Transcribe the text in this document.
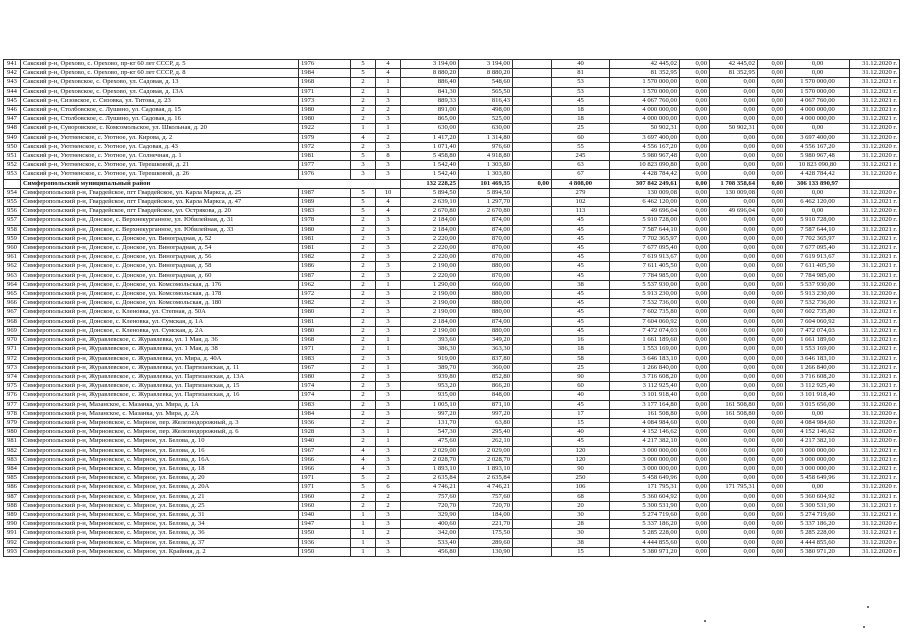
941	Сакский р-н, Орехово, с. Орехово, пр-кт 60 лет СССР, д. 5	1976	5	4	3 194,00	3 194,00		40	42 445,02	0,00	42 445,02	0,00	0,00	31.12.2020 г.
942	Сакский р-н, Орехово, с. Орехово, пр-кт 60 лет СССР, д. 8	1984	5	4	8 880,20	8 880,20		81	81 352,95	0,00	81 352,95	0,00	0,00	31.12.2020 г.
943	Сакский р-н, Ореховское, с. Орехово, ул. Садовая, д. 13	1968	2	1	886,40	548,60		53	1 570 000,00	0,00	0,00	0,00	1 570 000,00	31.12.2021 г.
944	Сакский р-н, Ореховское, с. Орехово, ул. Садовая, д. 13А	1971	2	1	841,30	565,50		53	1 570 000,00	0,00	0,00	0,00	1 570 000,00	31.12.2021 г.
945	Сакский р-н, Сизовское, с. Сизовка, ул. Титова, д. 23	1973	2	3	889,33	816,43		45	4 067 760,00	0,00	0,00	0,00	4 067 760,00	31.12.2021 г.
946	Сакский р-н, Столбовское, с. Лушино, ул. Садовая, д. 15	1980	2	2	891,00	498,00		18	4 000 000,00	0,00	0,00	0,00	4 000 000,00	31.12.2021 г.
947	Сакский р-н, Столбовское, с. Лушино, ул. Садовая, д. 16	1980	2	3	865,00	525,00		18	4 000 000,00	0,00	0,00	0,00	4 000 000,00	31.12.2021 г.
948	Сакский р-н, Суворовское, с. Комсомольское, ул. Школьная, д. 20	1922	1	1	630,00	630,00		25	50 902,31	0,00	50 902,31	0,00	0,00	31.12.2020 г.
949	Сакский р-н, Уютненское, с. Уютное, ул. Кирова, д. 2	1979	4	2	1 417,20	1 314,80		60	3 697 400,00	0,00	0,00	0,00	3 697 400,00	31.12.2020 г.
950	Сакский р-н, Уютненское, с. Уютное, ул. Садовая, д. 43	1972	2	3	1 071,40	976,60		55	4 556 167,20	0,00	0,00	0,00	4 556 167,20	31.12.2020 г.
951	Сакский р-н, Уютненское, с. Уютное, ул. Солнечная, д. 1	1981	5	8	5 458,80	4 918,80		245	5 980 967,48	0,00	0,00	0,00	5 980 967,48	31.12.2020 г.
952	Сакский р-н, Уютненское, с. Уютное, ул. Терешковой, д. 21	1977	3	3	1 542,40	1 303,80		63	10 823 090,80	0,00	0,00	0,00	10 823 090,80	31.12.2021 г.
953	Сакский р-н, Уютненское, с. Уютное, ул. Терешковой, д. 26	1976	3	3	1 542,40	1 303,80		67	4 428 784,42	0,00	0,00	0,00	4 428 784,42	31.12.2020 г.
	Симферопольский муниципальный район				132 228,25	101 469,35	0,00	4 808,00	307 842 249,61	0,00	1 708 358,64	0,00	306 133 890,97	
954	Симферопольский р-н, Гвардейское, пгт Гвардейское, ул. Карла Маркса, д. 25	1987	5	10	5 894,50	5 894,50		279	130 009,08	0,00	130 009,08	0,00	0,00	31.12.2020 г.
955	Симферопольский р-н, Гвардейское, пгт Гвардейское, ул. Карла Маркса, д. 47	1989	5	4	2 639,10	1 297,70		102	6 462 120,00	0,00	0,00	0,00	6 462 120,00	31.12.2021 г.
956	Симферопольский р-н, Гвардейское, пгт Гвардейское, ул. Острякова, д. 20	1983	5	4	2 670,80	2 670,80		113	49 696,04	0,00	49 696,04	0,00	0,00	31.12.2020 г.
957	Симферопольский р-н, Донское, с. Верхнекурганное, ул. Юбилейная, д. 31	1978	2	3	2 184,00	874,00		45	5 910 728,00	0,00	0,00	0,00	5 910 728,00	31.12.2020 г.
958	Симферопольский р-н, Донское, с. Верхнекурганное, ул. Юбилейная, д. 33	1980	2	3	2 184,00	874,00		45	7 587 644,10	0,00	0,00	0,00	7 587 644,10	31.12.2021 г.
959	Симферопольский р-н, Донское, с. Донское, ул. Виноградная, д. 52	1981	2	3	2 220,00	870,00		45	7 702 365,97	0,00	0,00	0,00	7 702 365,97	31.12.2021 г.
960	Симферопольский р-н, Донское, с. Донское, ул. Виноградная, д. 54	1981	2	3	2 220,00	870,00		45	7 677 095,40	0,00	0,00	0,00	7 677 095,40	31.12.2021 г.
961	Симферопольский р-н, Донское, с. Донское, ул. Виноградная, д. 56	1982	2	3	2 220,00	870,00		45	7 619 913,67	0,00	0,00	0,00	7 619 913,67	31.12.2021 г.
962	Симферопольский р-н, Донское, с. Донское, ул. Виноградная, д. 58	1986	2	3	2 190,00	880,00		45	7 611 405,50	0,00	0,00	0,00	7 611 405,50	31.12.2021 г.
963	Симферопольский р-н, Донское, с. Донское, ул. Виноградная, д. 60	1987	2	3	2 220,00	870,00		45	7 784 985,00	0,00	0,00	0,00	7 784 985,00	31.12.2021 г.
964	Симферопольский р-н, Донское, с. Донское, ул. Комсомольская, д. 176	1962	2	1	1 290,00	660,00		38	5 537 930,00	0,00	0,00	0,00	5 537 930,00	31.12.2020 г.
965	Симферопольский р-н, Донское, с. Донское, ул. Комсомольская, д. 178	1972	2	3	2 190,00	880,00		45	5 913 230,00	0,00	0,00	0,00	5 913 230,00	31.12.2020 г.
966	Симферопольский р-н, Донское, с. Донское, ул. Комсомольская, д. 180	1982	2	3	2 190,00	880,00		45	7 532 736,00	0,00	0,00	0,00	7 532 736,00	31.12.2021 г.
967	Симферопольский р-н, Донское, с. Кленовка, ул. Степная, д. 50А	1980	2	3	2 190,00	880,00		45	7 602 735,80	0,00	0,00	0,00	7 602 735,80	31.12.2021 г.
968	Симферопольский р-н, Донское, с. Кленовка, ул. Сумская, д. 1А	1981	2	3	2 184,00	874,00		45	7 604 060,92	0,00	0,00	0,00	7 604 060,92	31.12.2021 г.
969	Симферопольский р-н, Донское, с. Кленовка, ул. Сумская, д. 2А	1980	2	3	2 190,00	880,00		45	7 472 074,03	0,00	0,00	0,00	7 472 074,03	31.12.2021 г.
970	Симферопольский р-н, Журавлевское, с. Журавлевка, ул. 1 Мая, д. 36	1968	2	1	393,60	349,20		16	1 661 189,60	0,00	0,00	0,00	1 661 189,60	31.12.2021 г.
971	Симферопольский р-н, Журавлевское, с. Журавлевка, ул. 1 Мая, д. 38	1971	2	1	386,30	363,30		18	1 553 169,00	0,00	0,00	0,00	1 553 169,00	31.12.2021 г.
972	Симферопольский р-н, Журавлевское, с. Журавлевка, ул. Мира, д. 40А	1983	2	3	919,00	837,80		58	3 646 183,10	0,00	0,00	0,00	3 646 183,10	31.12.2021 г.
973	Симферопольский р-н, Журавлевское, с. Журавлевка, ул. Партизанская, д. 11	1967	2	1	389,70	360,00		25	1 266 840,00	0,00	0,00	0,00	1 266 840,00	31.12.2021 г.
974	Симферопольский р-н, Журавлевское, с. Журавлевка, ул. Партизанская, д. 13А	1980	2	3	939,80	852,80		90	3 716 608,20	0,00	0,00	0,00	3 716 608,20	31.12.2021 г.
975	Симферопольский р-н, Журавлевское, с. Журавлевка, ул. Партизанская, д. 15	1974	2	3	953,20	866,20		60	3 112 925,40	0,00	0,00	0,00	3 112 925,40	31.12.2021 г.
976	Симферопольский р-н, Журавлевское, с. Журавлевка, ул. Партизанская, д. 16	1974	2	3	935,00	848,00		40	3 101 918,40	0,00	0,00	0,00	3 101 918,40	31.12.2021 г.
977	Симферопольский р-н, Мазанское, с. Мазанка, ул. Мира, д. 1А	1983	2	3	1 005,10	871,10		45	3 177 164,80	0,00	161 508,80	0,00	3 015 656,00	31.12.2020 г.
978	Симферопольский р-н, Мазанское, с. Мазанка, ул. Мира, д. 2А	1984	2	3	997,20	997,20		17	161 508,80	0,00	161 508,80	0,00	0,00	31.12.2020 г.
979	Симферопольский р-н, Мирновское, с. Мирное, пер. Железнодорожный, д. 3	1936	2	2	131,70	63,80		15	4 084 984,60	0,00	0,00	0,00	4 084 984,60	31.12.2020 г.
980	Симферопольский р-н, Мирновское, с. Мирное, пер. Железнодорожный, д. 6	1928	3	1	547,30	295,40		40	4 152 146,62	0,00	0,00	0,00	4 152 146,62	31.12.2020 г.
981	Симферопольский р-н, Мирновское, с. Мирное, ул. Белова, д. 10	1940	2	1	475,60	262,10		45	4 217 382,10	0,00	0,00	0,00	4 217 382,10	31.12.2020 г.
982	Симферопольский р-н, Мирновское, с. Мирное, ул. Белова, д. 16	1967	4	3	2 029,00	2 029,00		120	3 000 000,00	0,00	0,00	0,00	3 000 000,00	31.12.2021 г.
983	Симферопольский р-н, Мирновское, с. Мирное, ул. Белова, д. 16А	1966	4	3	2 028,70	2 028,70		120	3 000 000,00	0,00	0,00	0,00	3 000 000,00	31.12.2021 г.
984	Симферопольский р-н, Мирновское, с. Мирное, ул. Белова, д. 18	1966	4	3	1 893,10	1 893,10		90	3 000 000,00	0,00	0,00	0,00	3 000 000,00	31.12.2021 г.
985	Симферопольский р-н, Мирновское, с. Мирное, ул. Белова, д. 20	1971	5	2	2 635,84	2 635,84		250	5 458 649,96	0,00	0,00	0,00	5 458 649,96	31.12.2021 г.
986	Симферопольский р-н, Мирновское, с. Мирное, ул. Белова, д. 20А	1971	5	6	4 746,21	4 746,21		106	171 795,31	0,00	171 795,31	0,00	0,00	31.12.2020 г.
987	Симферопольский р-н, Мирновское, с. Мирное, ул. Белова, д. 21	1960	2	2	757,60	757,60		68	5 360 604,92	0,00	0,00	0,00	5 360 604,92	31.12.2021 г.
988	Симферопольский р-н, Мирновское, с. Мирное, ул. Белова, д. 25	1960	2	2	720,70	720,70		20	5 300 531,90	0,00	0,00	0,00	5 300 531,90	31.12.2021 г.
989	Симферопольский р-н, Мирновское, с. Мирное, ул. Белова, д. 31	1940	1	3	329,90	184,00		30	5 274 719,60	0,00	0,00	0,00	5 274 719,60	31.12.2021 г.
990	Симферопольский р-н, Мирновское, с. Мирное, ул. Белова, д. 34	1947	1	3	400,60	221,70		28	5 337 186,20	0,00	0,00	0,00	5 337 186,20	31.12.2020 г.
991	Симферопольский р-н, Мирновское, с. Мирное, ул. Белова, д. 36	1950	1	2	342,00	175,50		30	5 285 228,00	0,00	0,00	0,00	5 285 228,00	31.12.2021 г.
992	Симферопольский р-н, Мирновское, с. Мирное, ул. Белова, д. 37	1936	1	3	533,40	289,60		38	4 444 855,60	0,00	0,00	0,00	4 444 855,60	31.12.2020 г.
993	Симферопольский р-н, Мирновское, с. Мирное, ул. Крайняя, д. 2	1950	1	3	456,80	130,90		15	5 380 971,20	0,00	0,00	0,00	5 380 971,20	31.12.2020 г.
